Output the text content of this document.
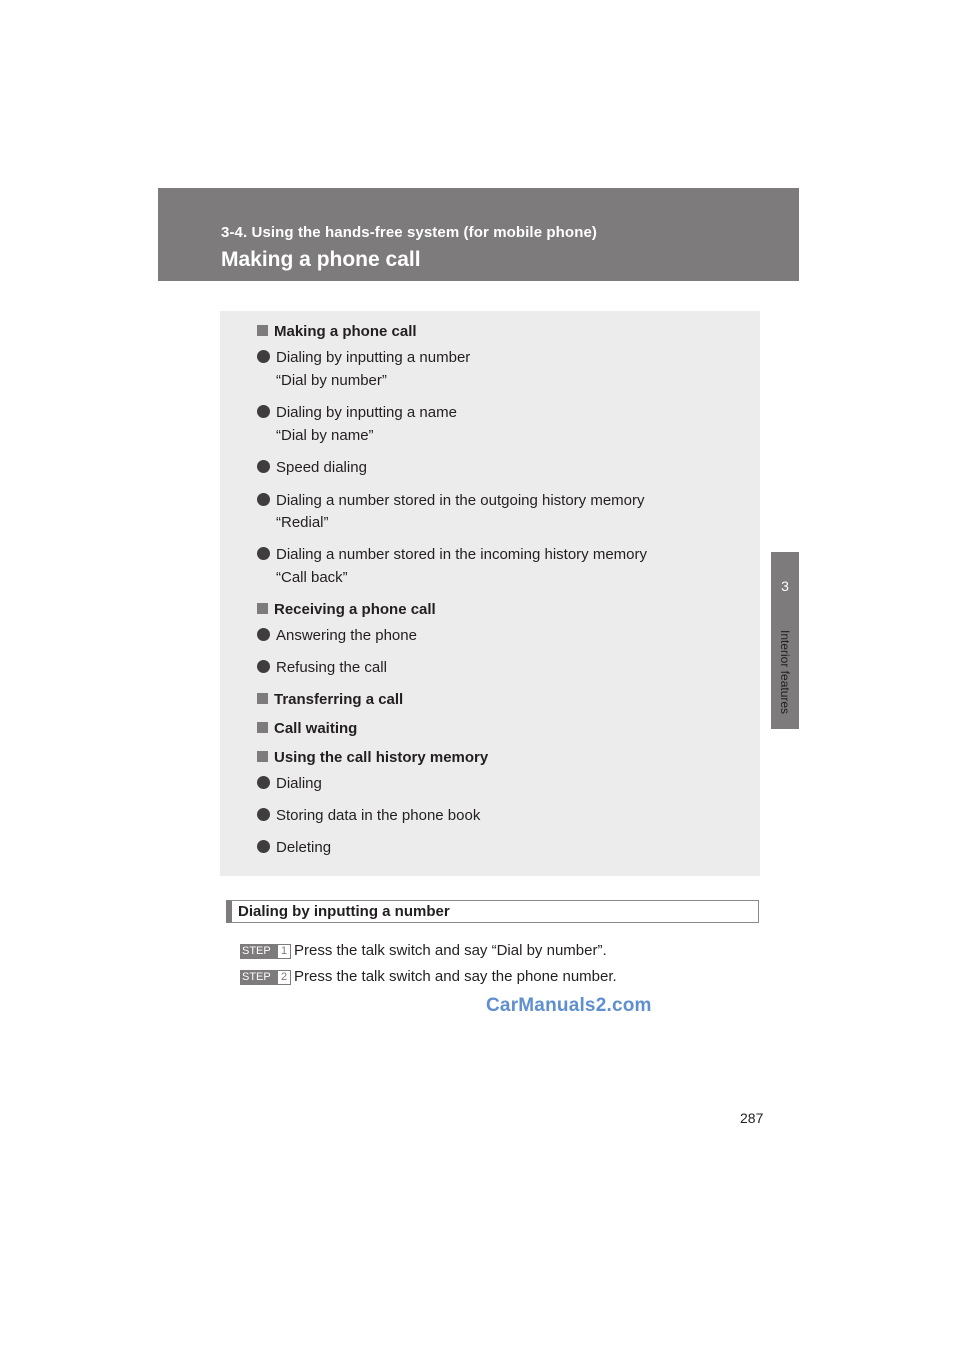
3-4. Using the hands-free system (for mobile phone)
Making a phone call
3
Interior features
Making a phone call
Dialing by inputting a number
“Dial by number”
Dialing by inputting a name
“Dial by name”
Speed dialing
Dialing a number stored in the outgoing history memory
“Redial”
Dialing a number stored in the incoming history memory
“Call back”
Receiving a phone call
Answering the phone
Refusing the call
Transferring a call
Call waiting
Using the call history memory
Dialing
Storing data in the phone book
Deleting
Dialing by inputting a number
STEP 1 Press the talk switch and say “Dial by number”.
STEP 2 Press the talk switch and say the phone number.
CarManuals2.com
287
